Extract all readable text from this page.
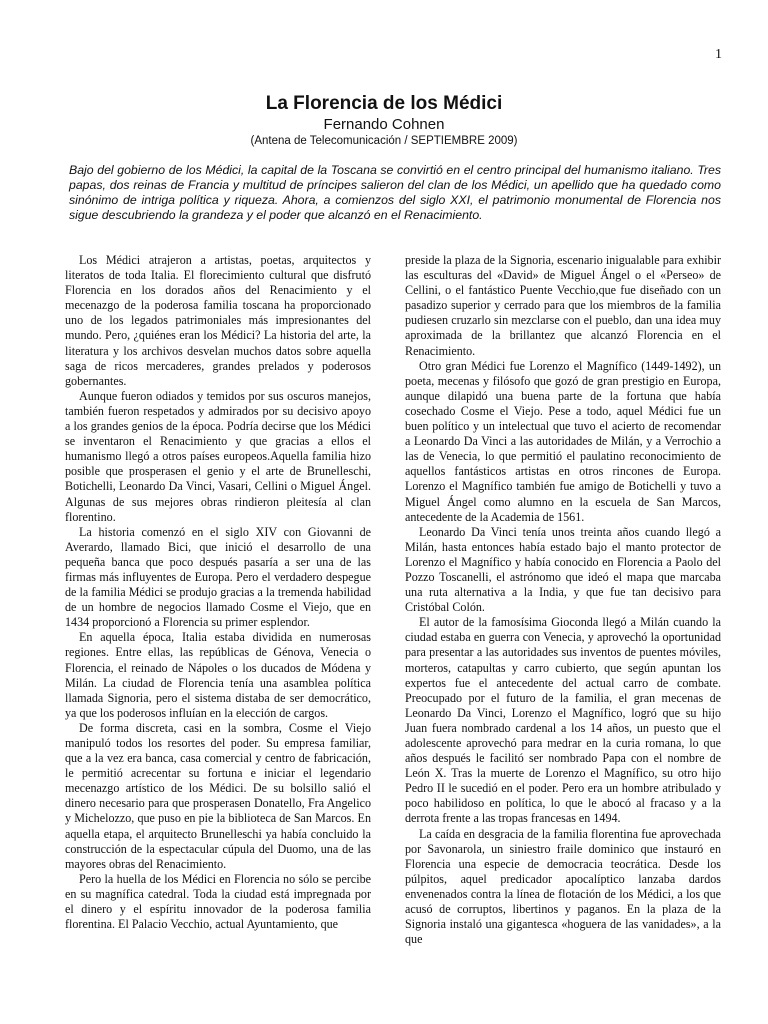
1
La Florencia de los Médici
Fernando Cohnen
(Antena de Telecomunicación / SEPTIEMBRE 2009)

Bajo del gobierno de los Médici, la capital de la Toscana se convirtió en el centro principal del humanismo italiano. Tres papas, dos reinas de Francia y multitud de príncipes salieron del clan de los Médici, un apellido que ha quedado como sinónimo de intriga política y riqueza. Ahora, a comienzos del siglo XXI, el patrimonio monumental de Florencia nos sigue descubriendo la grandeza y el poder que alcanzó en el Renacimiento.

Los Médici atrajeron a artistas, poetas, arquitectos y literatos de toda Italia. El florecimiento cultural que disfrutó Florencia en los dorados años del Renacimiento y el mecenazgo de la poderosa familia toscana ha proporcionado uno de los legados patrimoniales más impresionantes del mundo. Pero, ¿quiénes eran los Médici? La historia del arte, la literatura y los archivos desvelan muchos datos sobre aquella saga de ricos mercaderes, grandes prelados y poderosos gobernantes.

Aunque fueron odiados y temidos por sus oscuros manejos, también fueron respetados y admirados por su decisivo apoyo a los grandes genios de la época. Podría decirse que los Médici se inventaron el Renacimiento y que gracias a ellos el humanismo llegó a otros países europeos.Aquella familia hizo posible que prosperasen el genio y el arte de Brunelleschi, Botichelli, Leonardo Da Vinci, Vasari, Cellini o Miguel Ángel. Algunas de sus mejores obras rindieron pleitesía al clan florentino.

La historia comenzó en el siglo XIV con Giovanni de Averardo, llamado Bici, que inició el desarrollo de una pequeña banca que poco después pasaría a ser una de las firmas más influyentes de Europa. Pero el verdadero despegue de la familia Médici se produjo gracias a la tremenda habilidad de un hombre de negocios llamado Cosme el Viejo, que en 1434 proporcionó a Florencia su primer esplendor.

En aquella época, Italia estaba dividida en numerosas regiones. Entre ellas, las repúblicas de Génova, Venecia o Florencia, el reinado de Nápoles o los ducados de Módena y Milán. La ciudad de Florencia tenía una asamblea política llamada Signoria, pero el sistema distaba de ser democrático, ya que los poderosos influían en la elección de cargos.

De forma discreta, casi en la sombra, Cosme el Viejo manipuló todos los resortes del poder. Su empresa familiar, que a la vez era banca, casa comercial y centro de fabricación, le permitió acrecentar su fortuna e iniciar el legendario mecenazgo artístico de los Médici. De su bolsillo salió el dinero necesario para que prosperasen Donatello, Fra Angelico y Michelozzo, que puso en pie la biblioteca de San Marcos. En aquella etapa, el arquitecto Brunelleschi ya había concluido la construcción de la espectacular cúpula del Duomo, una de las mayores obras del Renacimiento.

Pero la huella de los Médici en Florencia no sólo se percibe en su magnífica catedral. Toda la ciudad está impregnada por el dinero y el espíritu innovador de la poderosa familia florentina. El Palacio Vecchio, actual Ayuntamiento, que

preside la plaza de la Signoria, escenario inigualable para exhibir las esculturas del «David» de Miguel Ángel o el «Perseo» de Cellini, o el fantástico Puente Vecchio,que fue diseñado con un pasadizo superior y cerrado para que los miembros de la familia pudiesen cruzarlo sin mezclarse con el pueblo, dan una idea muy aproximada de la brillantez que alcanzó Florencia en el Renacimiento.

Otro gran Médici fue Lorenzo el Magnífico (1449-1492), un poeta, mecenas y filósofo que gozó de gran prestigio en Europa, aunque dilapidó una buena parte de la fortuna que había cosechado Cosme el Viejo. Pese a todo, aquel Médici fue un buen político y un intelectual que tuvo el acierto de recomendar a Leonardo Da Vinci a las autoridades de Milán, y a Verrochio a las de Venecia, lo que permitió el paulatino reconocimiento de aquellos fantásticos artistas en otros rincones de Europa. Lorenzo el Magnífico también fue amigo de Botichelli y tuvo a Miguel Ángel como alumno en la escuela de San Marcos, antecedente de la Academia de 1561.

Leonardo Da Vinci tenía unos treinta años cuando llegó a Milán, hasta entonces había estado bajo el manto protector de Lorenzo el Magnífico y había conocido en Florencia a Paolo del Pozzo Toscanelli, el astrónomo que ideó el mapa que marcaba una ruta alternativa a la India, y que fue tan decisivo para Cristóbal Colón.

El autor de la famosísima Gioconda llegó a Milán cuando la ciudad estaba en guerra con Venecia, y aprovechó la oportunidad para presentar a las autoridades sus inventos de puentes móviles, morteros, catapultas y carro cubierto, que según apuntan los expertos fue el antecedente del actual carro de combate. Preocupado por el futuro de la familia, el gran mecenas de Leonardo Da Vinci, Lorenzo el Magnífico, logró que su hijo Juan fuera nombrado cardenal a los 14 años, un puesto que el adolescente aprovechó para medrar en la curia romana, lo que años después le facilitó ser nombrado Papa con el nombre de León X. Tras la muerte de Lorenzo el Magnífico, su otro hijo Pedro II le sucedió en el poder. Pero era un hombre atribulado y poco habilidoso en política, lo que le abocó al fracaso y a la derrota frente a las tropas francesas en 1494.

La caída en desgracia de la familia florentina fue aprovechada por Savonarola, un siniestro fraile dominico que instauró en Florencia una especie de democracia teocrática. Desde los púlpitos, aquel predicador apocalíptico lanzaba dardos envenenados contra la línea de flotación de los Médici, a los que acusó de corruptos, libertinos y paganos. En la plaza de la Signoria instaló una gigantesca «hoguera de las vanidades», a la que
